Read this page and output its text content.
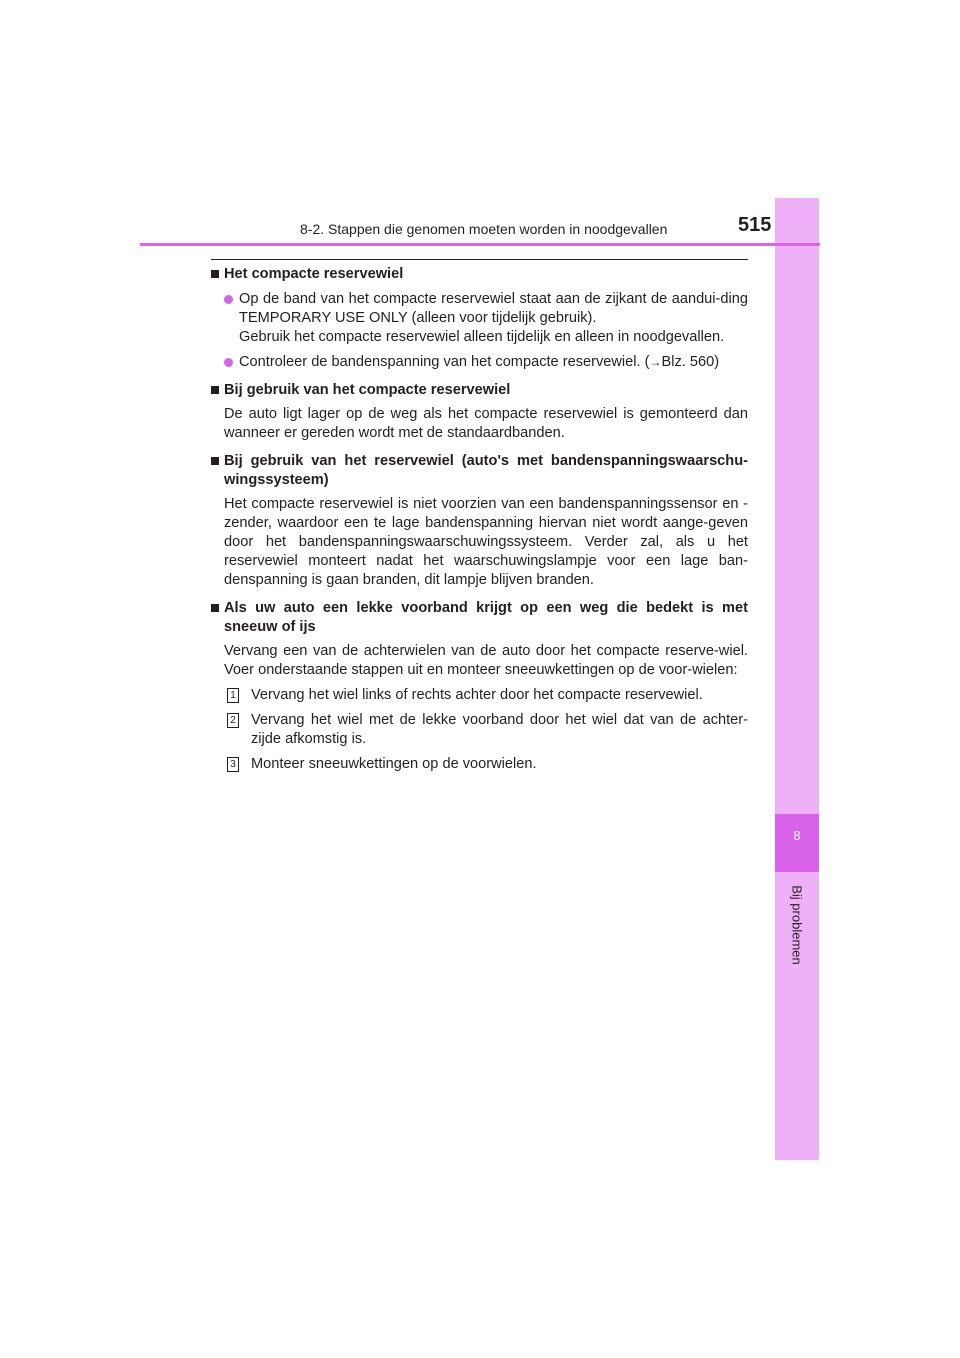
8
Bij problemen
8-2. Stappen die genomen moeten worden in noodgevallen	515
Het compacte reservewiel
Op de band van het compacte reservewiel staat aan de zijkant de aandui-ding TEMPORARY USE ONLY (alleen voor tijdelijk gebruik).
Gebruik het compacte reservewiel alleen tijdelijk en alleen in noodgevallen.
Controleer de bandenspanning van het compacte reservewiel. (→Blz. 560)
Bij gebruik van het compacte reservewiel
De auto ligt lager op de weg als het compacte reservewiel is gemonteerd dan wanneer er gereden wordt met de standaardbanden.
Bij gebruik van het reservewiel (auto's met bandenspanningswaarschu-wingssysteem)
Het compacte reservewiel is niet voorzien van een bandenspanningssensor en -zender, waardoor een te lage bandenspanning hiervan niet wordt aange-geven door het bandenspanningswaarschuwingssysteem. Verder zal, als u het reservewiel monteert nadat het waarschuwingslampje voor een lage ban-denspanning is gaan branden, dit lampje blijven branden.
Als uw auto een lekke voorband krijgt op een weg die bedekt is met sneeuw of ijs
Vervang een van de achterwielen van de auto door het compacte reserve-wiel. Voer onderstaande stappen uit en monteer sneeuwkettingen op de voor-wielen:
1 Vervang het wiel links of rechts achter door het compacte reservewiel.
2 Vervang het wiel met de lekke voorband door het wiel dat van de achter-zijde afkomstig is.
3 Monteer sneeuwkettingen op de voorwielen.
